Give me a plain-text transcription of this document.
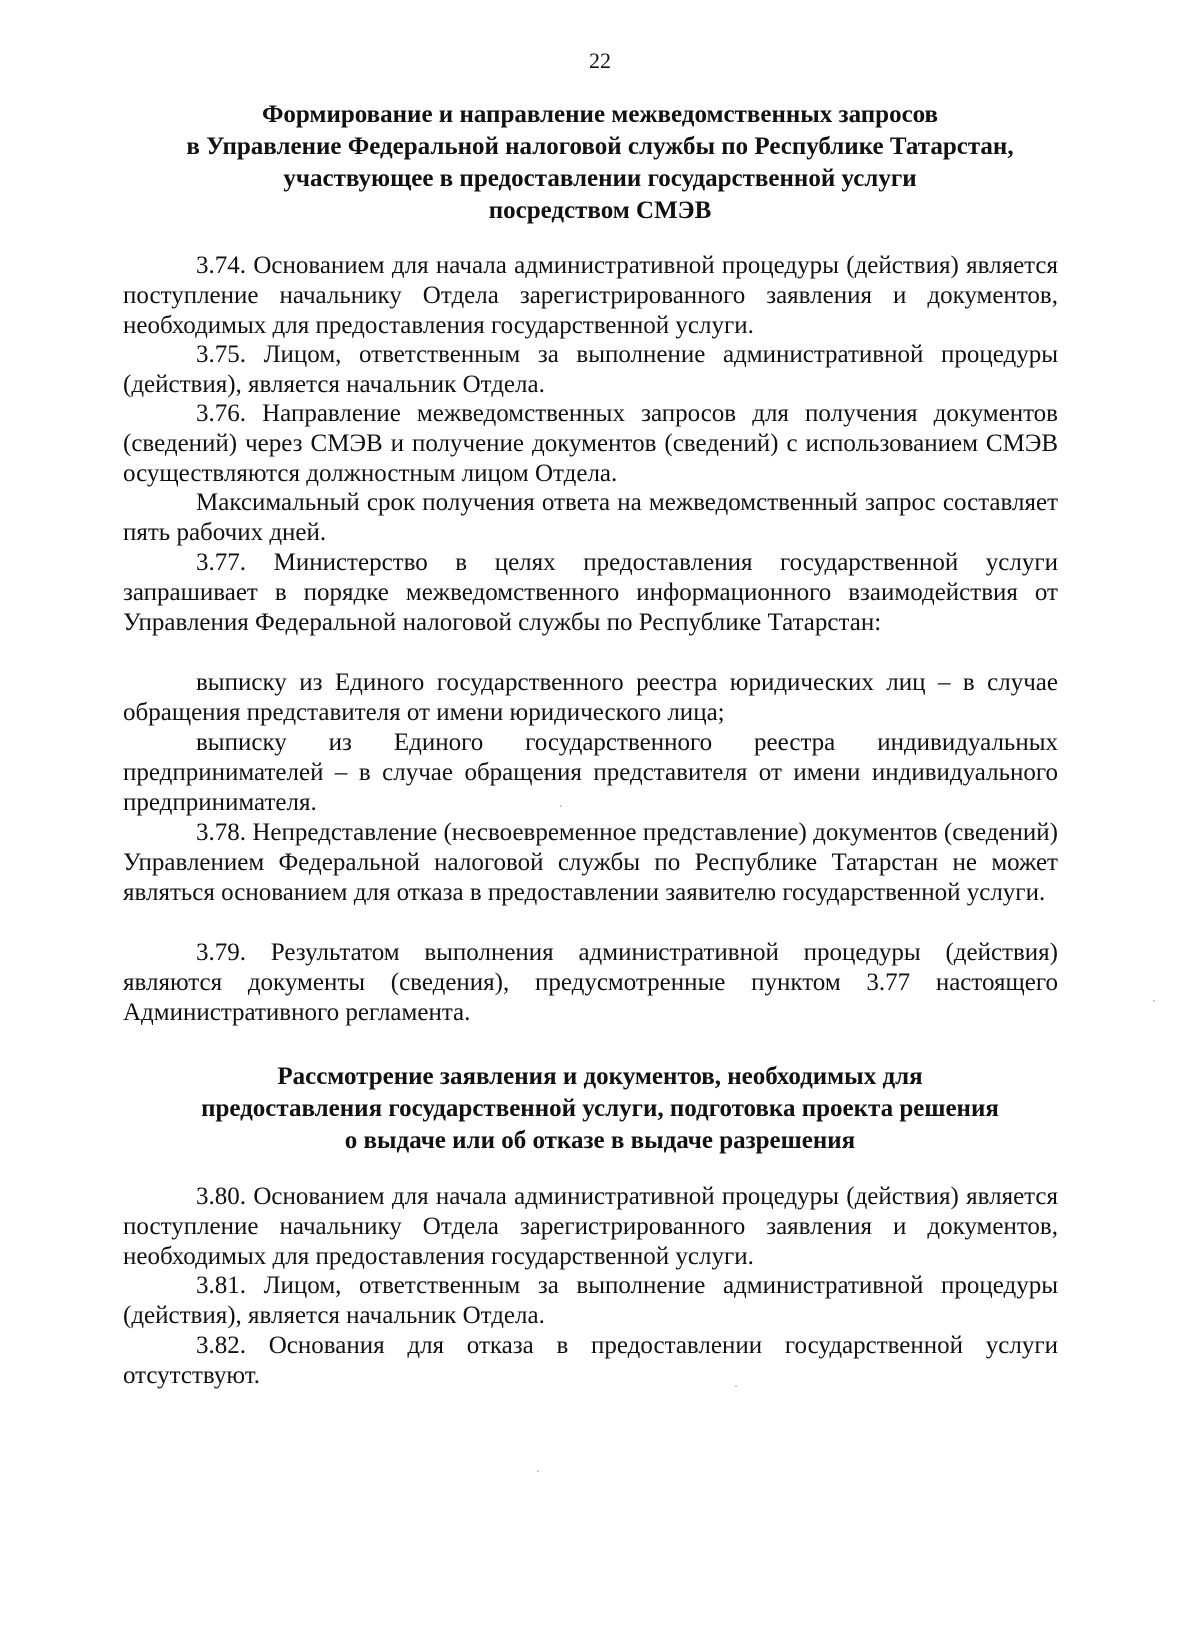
22
Формирование и направление межведомственных запросов
в Управление Федеральной налоговой службы по Республике Татарстан,
участвующее в предоставлении государственной услуги
посредством СМЭВ

3.74. Основанием для начала административной процедуры (действия) является поступление начальнику Отдела зарегистрированного заявления и документов, необходимых для предоставления государственной услуги.

3.75. Лицом, ответственным за выполнение административной процедуры (действия), является начальник Отдела.

3.76. Направление межведомственных запросов для получения документов (сведений) через СМЭВ и получение документов (сведений) с использованием СМЭВ осуществляются должностным лицом Отдела.

Максимальный срок получения ответа на межведомственный запрос составляет пять рабочих дней.

3.77. Министерство в целях предоставления государственной услуги запрашивает в порядке межведомственного информационного взаимодействия от Управления Федеральной налоговой службы по Республике Татарстан:

выписку из Единого государственного реестра юридических лиц – в случае обращения представителя от имени юридического лица;

выписку из Единого государственного реестра индивидуальных предпринимателей – в случае обращения представителя от имени индивидуального предпринимателя.

3.78. Непредставление (несвоевременное представление) документов (сведений) Управлением Федеральной налоговой службы по Республике Татарстан не может являться основанием для отказа в предоставлении заявителю государственной услуги.

3.79. Результатом выполнения административной процедуры (действия) являются документы (сведения), предусмотренные пунктом 3.77 настоящего Административного регламента.

Рассмотрение заявления и документов, необходимых для
предоставления государственной услуги, подготовка проекта решения
о выдаче или об отказе в выдаче разрешения

3.80. Основанием для начала административной процедуры (действия) является поступление начальнику Отдела зарегистрированного заявления и документов, необходимых для предоставления государственной услуги.

3.81. Лицом, ответственным за выполнение административной процедуры (действия), является начальник Отдела.

3.82. Основания для отказа в предоставлении государственной услуги отсутствуют.
